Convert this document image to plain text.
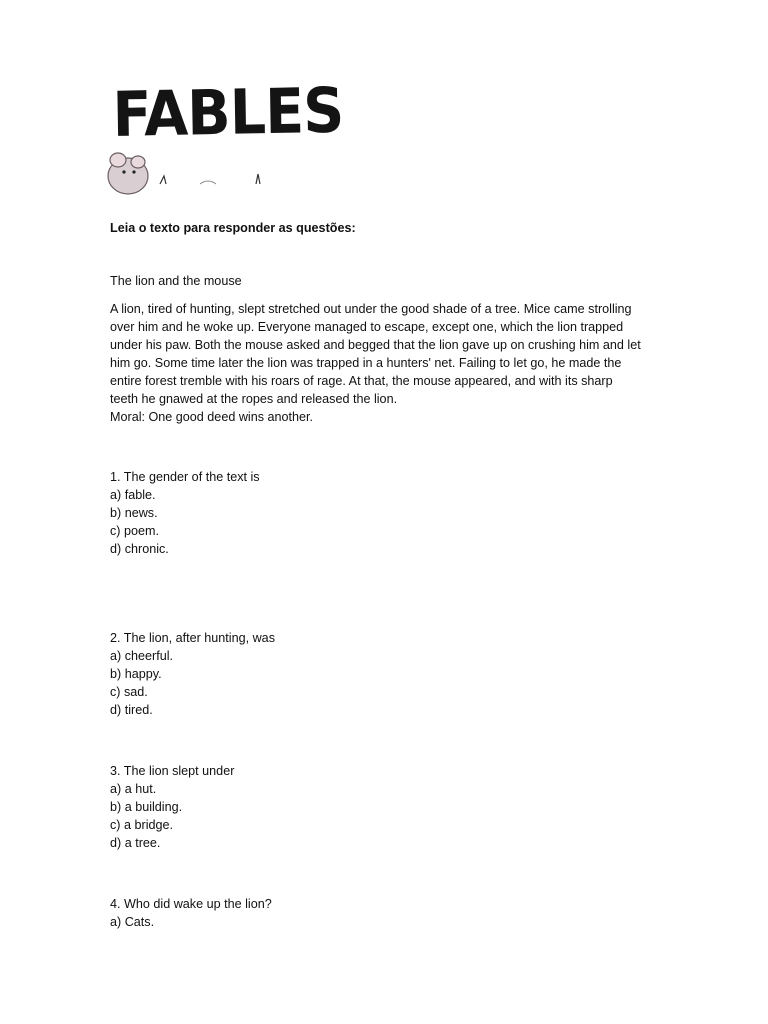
FABLES
Leia o texto para responder as questões:
The lion and the mouse
A lion, tired of hunting, slept stretched out under the good shade of a tree. Mice came strolling
over him and he woke up. Everyone managed to escape, except one, which the lion trapped
under his paw. Both the mouse asked and begged that the lion gave up on crushing him and let
him go. Some time later the lion was trapped in a hunters' net. Failing to let go, he made the
entire forest tremble with his roars of rage. At that, the mouse appeared, and with its sharp
teeth he gnawed at the ropes and released the lion.
Moral: One good deed wins another.
1. The gender of the text is
a) fable.
b) news.
c) poem.
d) chronic.
2. The lion, after hunting, was
a) cheerful.
b) happy.
c) sad.
d) tired.
3. The lion slept under
a) a hut.
b) a building.
c) a bridge.
d) a tree.
4. Who did wake up the lion?
a) Cats.
